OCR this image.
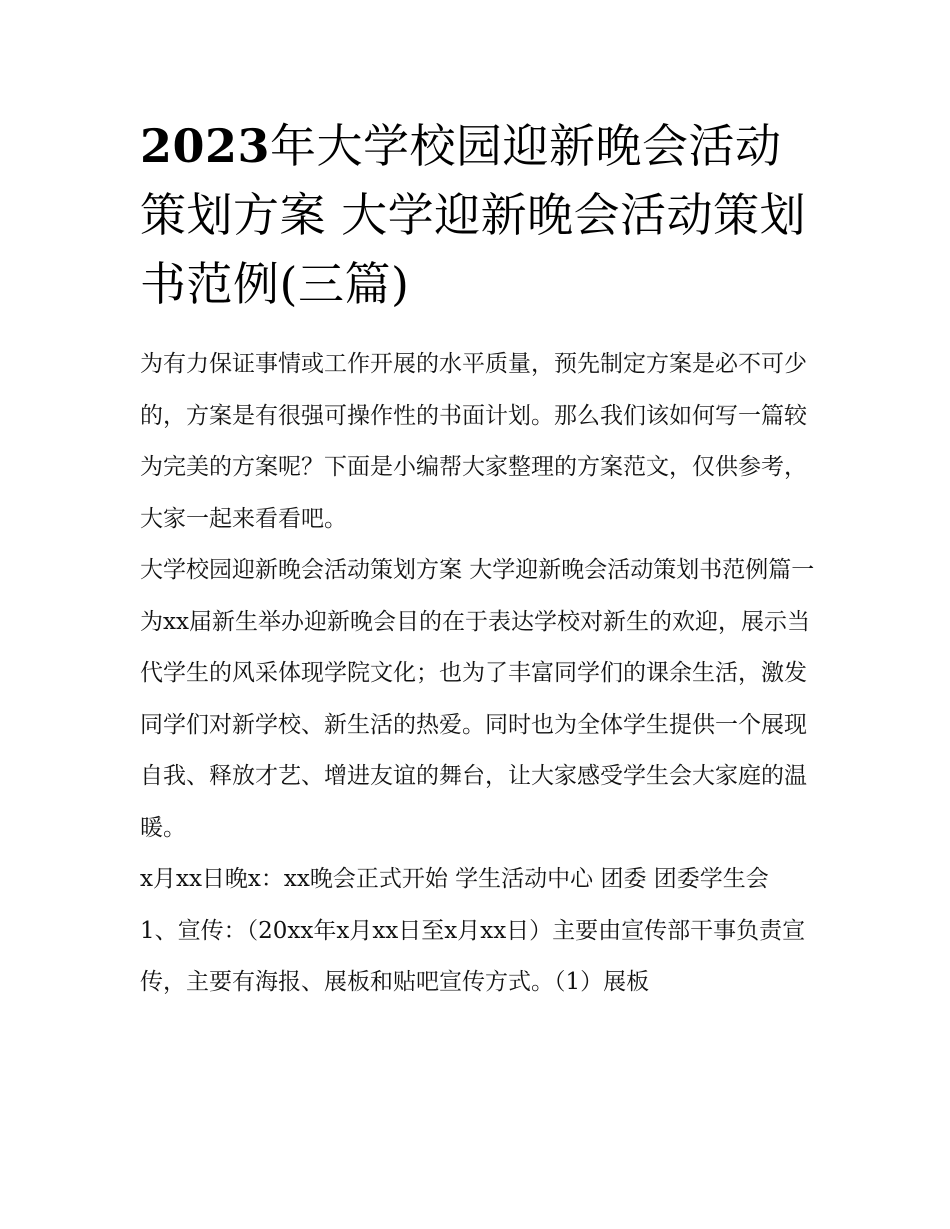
2023年大学校园迎新晚会活动策划方案 大学迎新晚会活动策划书范例(三篇)

为有力保证事情或工作开展的水平质量，预先制定方案是必不可少的，方案是有很强可操作性的书面计划。那么我们该如何写一篇较为完美的方案呢？下面是小编帮大家整理的方案范文，仅供参考，大家一起来看看吧。

大学校园迎新晚会活动策划方案 大学迎新晚会活动策划书范例篇一

为xx届新生举办迎新晚会目的在于表达学校对新生的欢迎，展示当代学生的风采体现学院文化；也为了丰富同学们的课余生活，激发同学们对新学校、新生活的热爱。同时也为全体学生提供一个展现自我、释放才艺、增进友谊的舞台，让大家感受学生会大家庭的温暖。

x月xx日晚x：xx晚会正式开始 学生活动中心 团委 团委学生会

1、宣传：（20xx年x月xx日至x月xx日）主要由宣传部干事负责宣传，主要有海报、展板和贴吧宣传方式。（1）展板
